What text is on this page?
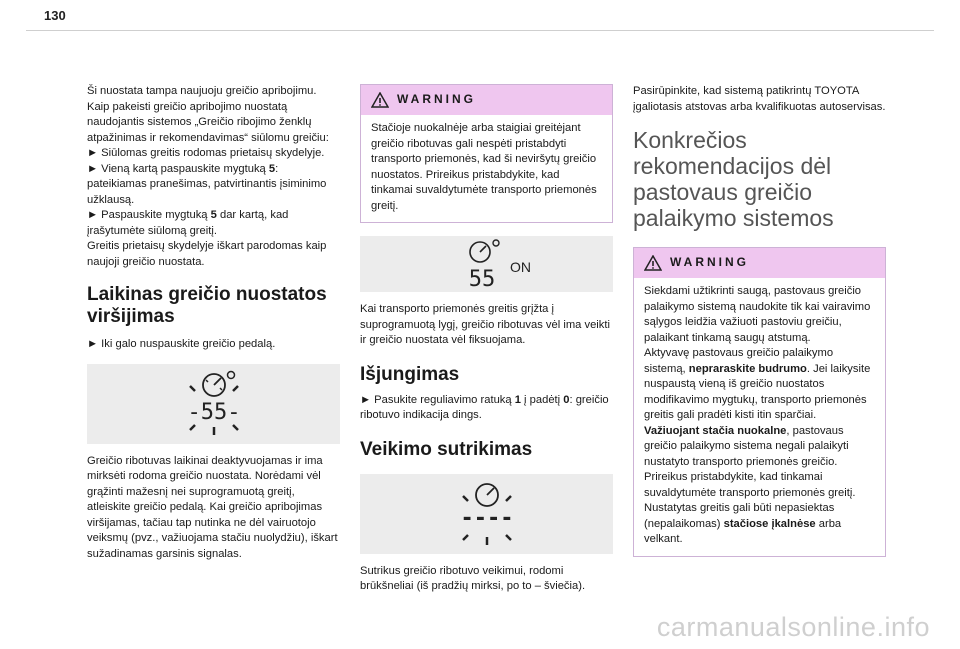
130

Ši nuostata tampa naujuoju greičio apribojimu. Kaip pakeisti greičio apribojimo nuostatą naudojantis sistemos „Greičio ribojimo ženklų atpažinimas ir rekomendavimas“ siūlomu greičiu:

► Siūlomas greitis rodomas prietaisų skydelyje.

► Vieną kartą paspauskite mygtuką 5:

pateikiamas pranešimas, patvirtinantis įsiminimo užklausą.

► Paspauskite mygtuką 5 dar kartą, kad įrašytumėte siūlomą greitį.

Greitis prietaisų skydelyje iškart parodomas kaip naujoji greičio nuostata.

Laikinas greičio nuostatos viršijimas

► Iki galo nuspauskite greičio pedalą.

-55-

Greičio ribotuvas laikinai deaktyvuojamas ir ima mirksėti rodoma greičio nuostata. Norėdami vėl grąžinti mažesnį nei suprogramuotą greitį, atleiskite greičio pedalą. Kai greičio apribojimas viršijamas, tačiau tap nutinka ne dėl vairuotojo veiksmų (pvz., važiuojama stačiu nuolydžiu), iškart sužadinamas garsinis signalas.

WARNING
Stačioje nuokalnėje arba staigiai greitėjant greičio ribotuvas gali nespėti pristabdyti transporto priemonės, kad ši neviršytų greičio nuostatos. Prireikus pristabdykite, kad tinkamai suvaldytumėte transporto priemonės greitį.
55 ON

Kai transporto priemonės greitis grįžta į suprogramuotą lygį, greičio ribotuvas vėl ima veikti ir greičio nuostata vėl fiksuojama.

Išjungimas

► Pasukite reguliavimo ratuką 1 į padėtį 0: greičio ribotuvo indikacija dings.

Veikimo sutrikimas
----

Sutrikus greičio ribotuvo veikimui, rodomi brūkšneliai (iš pradžių mirksi, po to – šviečia).

Pasirūpinkite, kad sistemą patikrintų TOYOTA įgaliotasis atstovas arba kvalifikuotas autoservisas.

Konkrečios rekomendacijos dėl pastovaus greičio palaikymo sistemos
WARNING

Siekdami užtikrinti saugą, pastovaus greičio palaikymo sistemą naudokite tik kai vairavimo sąlygos leidžia važiuoti pastoviu greičiu, palaikant tinkamą saugų atstumą.

Aktyvavę pastovaus greičio palaikymo sistemą, nepraraskite budrumo. Jei laikysite nuspaustą vieną iš greičio nuostatos modifikavimo mygtukų, transporto priemonės greitis gali pradėti kisti itin sparčiai.

Važiuojant stačia nuokalne, pastovaus greičio palaikymo sistema negali palaikyti nustatyto transporto priemonės greičio. Prireikus pristabdykite, kad tinkamai suvaldytumėte transporto priemonės greitį.

Nustatytas greitis gali būti nepasiektas (nepalaikomas) stačiose įkalnėse arba velkant.

carmanualsonline.info
